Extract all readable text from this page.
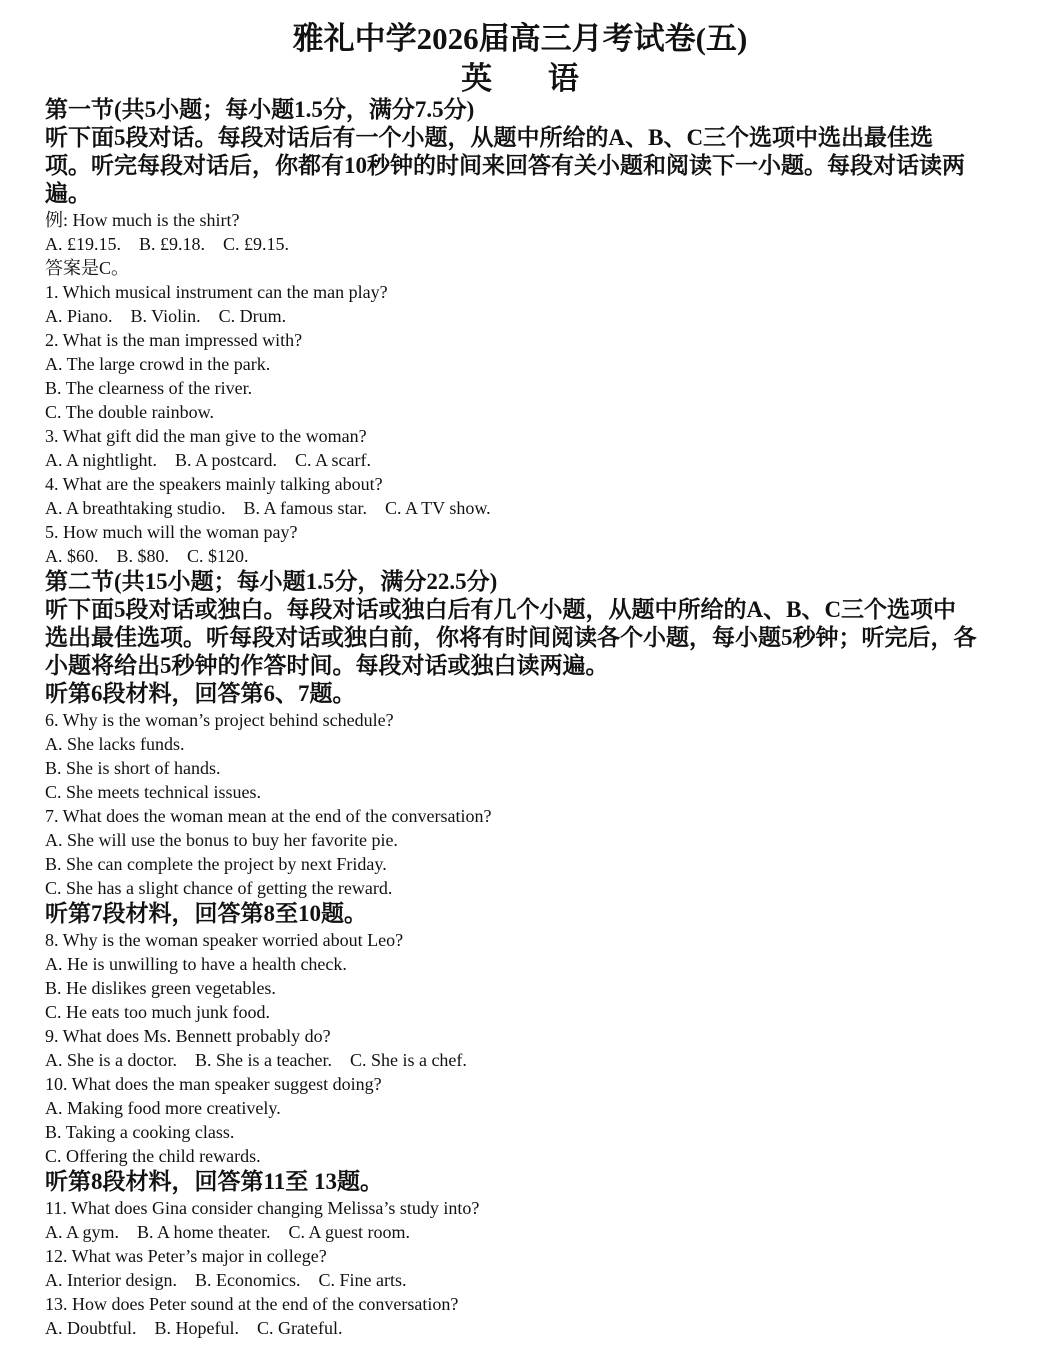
雅礼中学2026届高三月考试卷(五)
英 语
第一节(共5小题；每小题1.5分，满分7.5分)
听下面5段对话。每段对话后有一个小题，从题中所给的A、B、C三个选项中选出最佳选
项。听完每段对话后，你都有10秒钟的时间来回答有关小题和阅读下一小题。每段对话读两
遍。
例: How much is the shirt?
A. £19.15.    B. £9.18.    C. £9.15.
答案是C。
1. Which musical instrument can the man play?
A. Piano.    B. Violin.    C. Drum.
2. What is the man impressed with?
A. The large crowd in the park.
B. The clearness of the river.
C. The double rainbow.
3. What gift did the man give to the woman?
A. A nightlight.    B. A postcard.    C. A scarf.
4. What are the speakers mainly talking about?
A. A breathtaking studio.    B. A famous star.    C. A TV show.
5. How much will the woman pay?
A. $60.    B. $80.    C. $120.
第二节(共15小题；每小题1.5分，满分22.5分)
听下面5段对话或独白。每段对话或独白后有几个小题，从题中所给的A、B、C三个选项中
选出最佳选项。听每段对话或独白前，你将有时间阅读各个小题，每小题5秒钟；听完后，各
小题将给出5秒钟的作答时间。每段对话或独白读两遍。
听第6段材料，回答第6、7题。
6. Why is the woman’s project behind schedule?
A. She lacks funds.
B. She is short of hands.
C. She meets technical issues.
7. What does the woman mean at the end of the conversation?
A. She will use the bonus to buy her favorite pie.
B. She can complete the project by next Friday.
C. She has a slight chance of getting the reward.
听第7段材料，回答第8至10题。
8. Why is the woman speaker worried about Leo?
A. He is unwilling to have a health check.
B. He dislikes green vegetables.
C. He eats too much junk food.
9. What does Ms. Bennett probably do?
A. She is a doctor.    B. She is a teacher.    C. She is a chef.
10. What does the man speaker suggest doing?
A. Making food more creatively.
B. Taking a cooking class.
C. Offering the child rewards.
听第8段材料，回答第11至 13题。
11. What does Gina consider changing Melissa’s study into?
A. A gym.    B. A home theater.    C. A guest room.
12. What was Peter’s major in college?
A. Interior design.    B. Economics.    C. Fine arts.
13. How does Peter sound at the end of the conversation?
A. Doubtful.    B. Hopeful.    C. Grateful.
